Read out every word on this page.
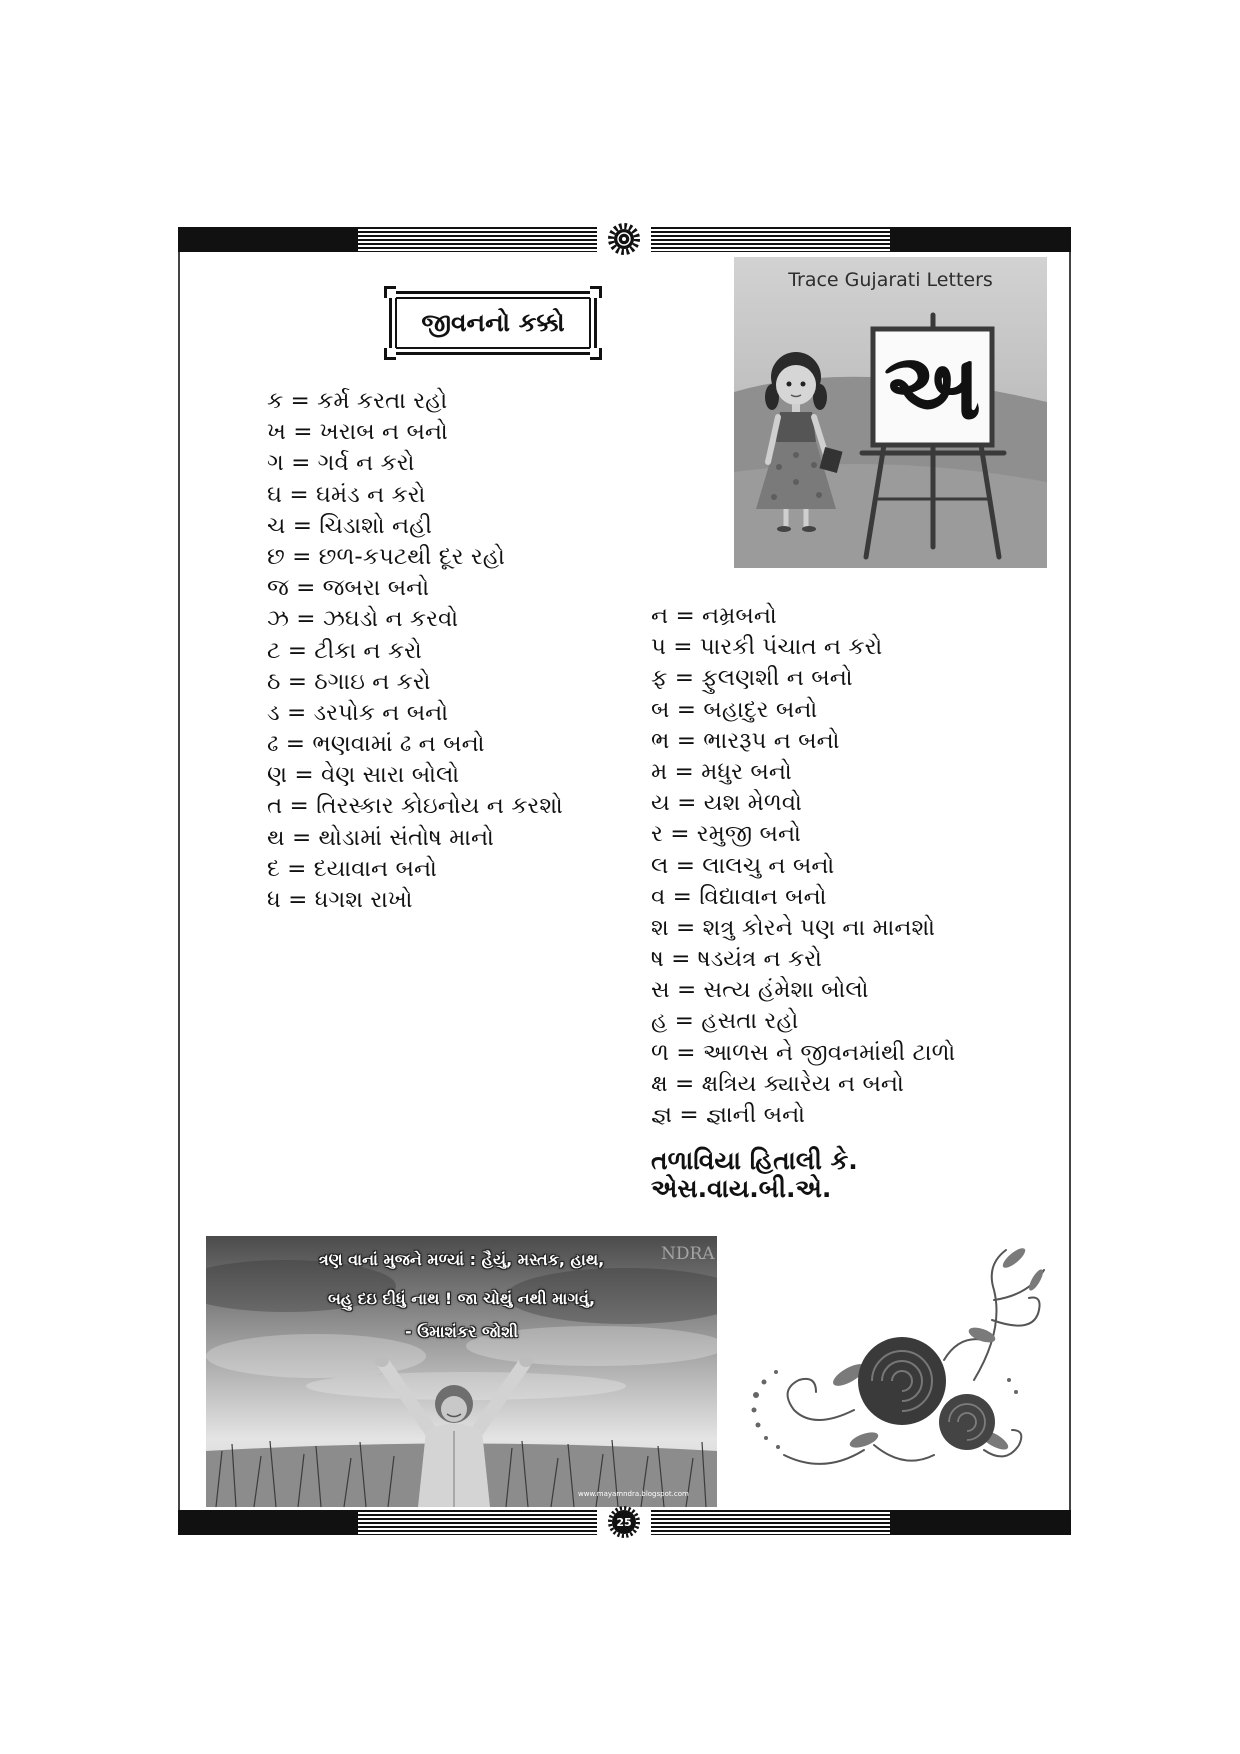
જીવનનો કક્કો
Trace Gujarati Letters
અ
ક = કર્મ કરતા રહો
ખ = ખરાબ ન બનો
ગ = ગર્વ ન કરો
ઘ = ઘમંડ ન કરો
ચ = ચિડાશો નહી
છ = છળ-કપટથી દૂર રહો
જ = જબરા બનો
ઝ = ઝઘડો ન કરવો
ટ = ટીકા ન કરો
ઠ = ઠગાઇ ન કરો
ડ = ડરપોક ન બનો
ઢ = ભણવામાં ઢ ન બનો
ણ = વેણ સારા બોલો
ત = તિરસ્કાર કોઇનોય ન કરશો
થ = થોડામાં સંતોષ માનો
દ = દયાવાન બનો
ધ = ધગશ રાખો
ન = નમ્રબનો
પ = પારકી પંચાત ન કરો
ફ = ફુલણશી ન બનો
બ = બહાદુર બનો
ભ = ભારરૂપ ન બનો
મ = મધુર બનો
ય = યશ મેળવો
ર = રમુજી બનો
લ = લાલચુ ન બનો
વ = વિદ્યાવાન બનો
શ = શત્રુ કોરને પણ ના માનશો
ષ = ષડયંત્ર ન કરો
સ = સત્ય હંમેશા બોલો
હ = હસતા રહો
ળ = આળસ ને જીવનમાંથી ટાળો
ક્ષ = ક્ષત્રિય ક્યારેય ન બનો
જ્ઞ = જ્ઞાની બનો
તળાવિયા હિતાલી કે.
એસ.વાય.બી.એ.
ત્રણ વાનાં મુજને મળ્યાં : હૈયું, મસ્તક, હાથ,
બહુ દઇ દીધું નાથ ! જા ચોથું નથી માગવું,
- ઉમાશંકર જોશી
NDRA
www.mayamndra.blogspot.com
25
